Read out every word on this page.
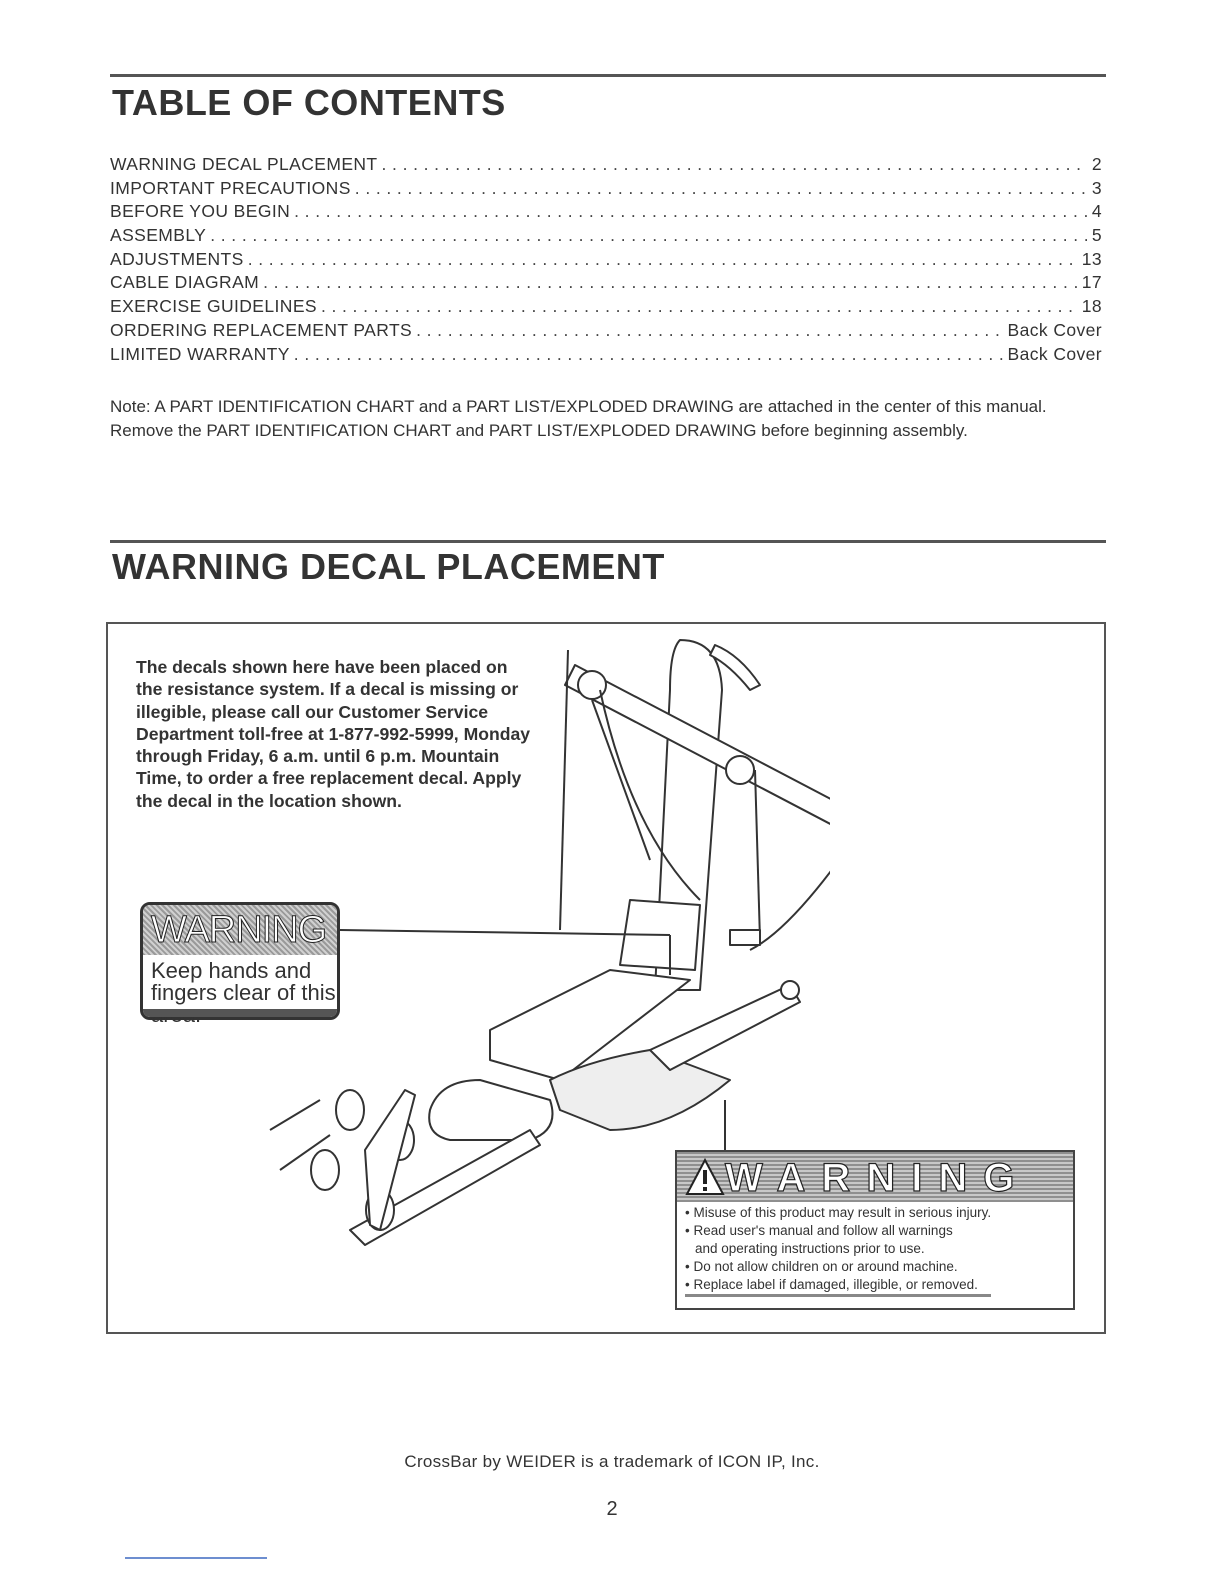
TABLE OF CONTENTS
WARNING DECAL PLACEMENT . . .	2
IMPORTANT PRECAUTIONS . . .	3
BEFORE YOU BEGIN . . .	4
ASSEMBLY . . .	5
ADJUSTMENTS . . .	13
CABLE DIAGRAM . . .	17
EXERCISE GUIDELINES . . .	18
ORDERING REPLACEMENT PARTS . . .	Back Cover
LIMITED WARRANTY . . .	Back Cover

Note: A PART IDENTIFICATION CHART and a PART LIST/EXPLODED DRAWING are attached in the center of this manual. Remove the PART IDENTIFICATION CHART and PART LIST/EXPLODED DRAWING before beginning assembly.

WARNING DECAL PLACEMENT

The decals shown here have been placed on the resistance system. If a decal is missing or illegible, please call our Customer Service Department toll-free at 1-877-992-5999, Monday through Friday, 6 a.m. until 6 p.m. Mountain Time, to order a free replacement decal. Apply the decal in the location shown.

WARNING
Keep hands and fingers clear of this
WARNING
• Misuse of this product may result in serious injury.
• Read user's manual and follow all warnings
and operating instructions prior to use.
• Do not allow children on or around machine.
• Replace label if damaged, illegible, or removed.

CrossBar by WEIDER is a trademark of ICON IP, Inc.

2
